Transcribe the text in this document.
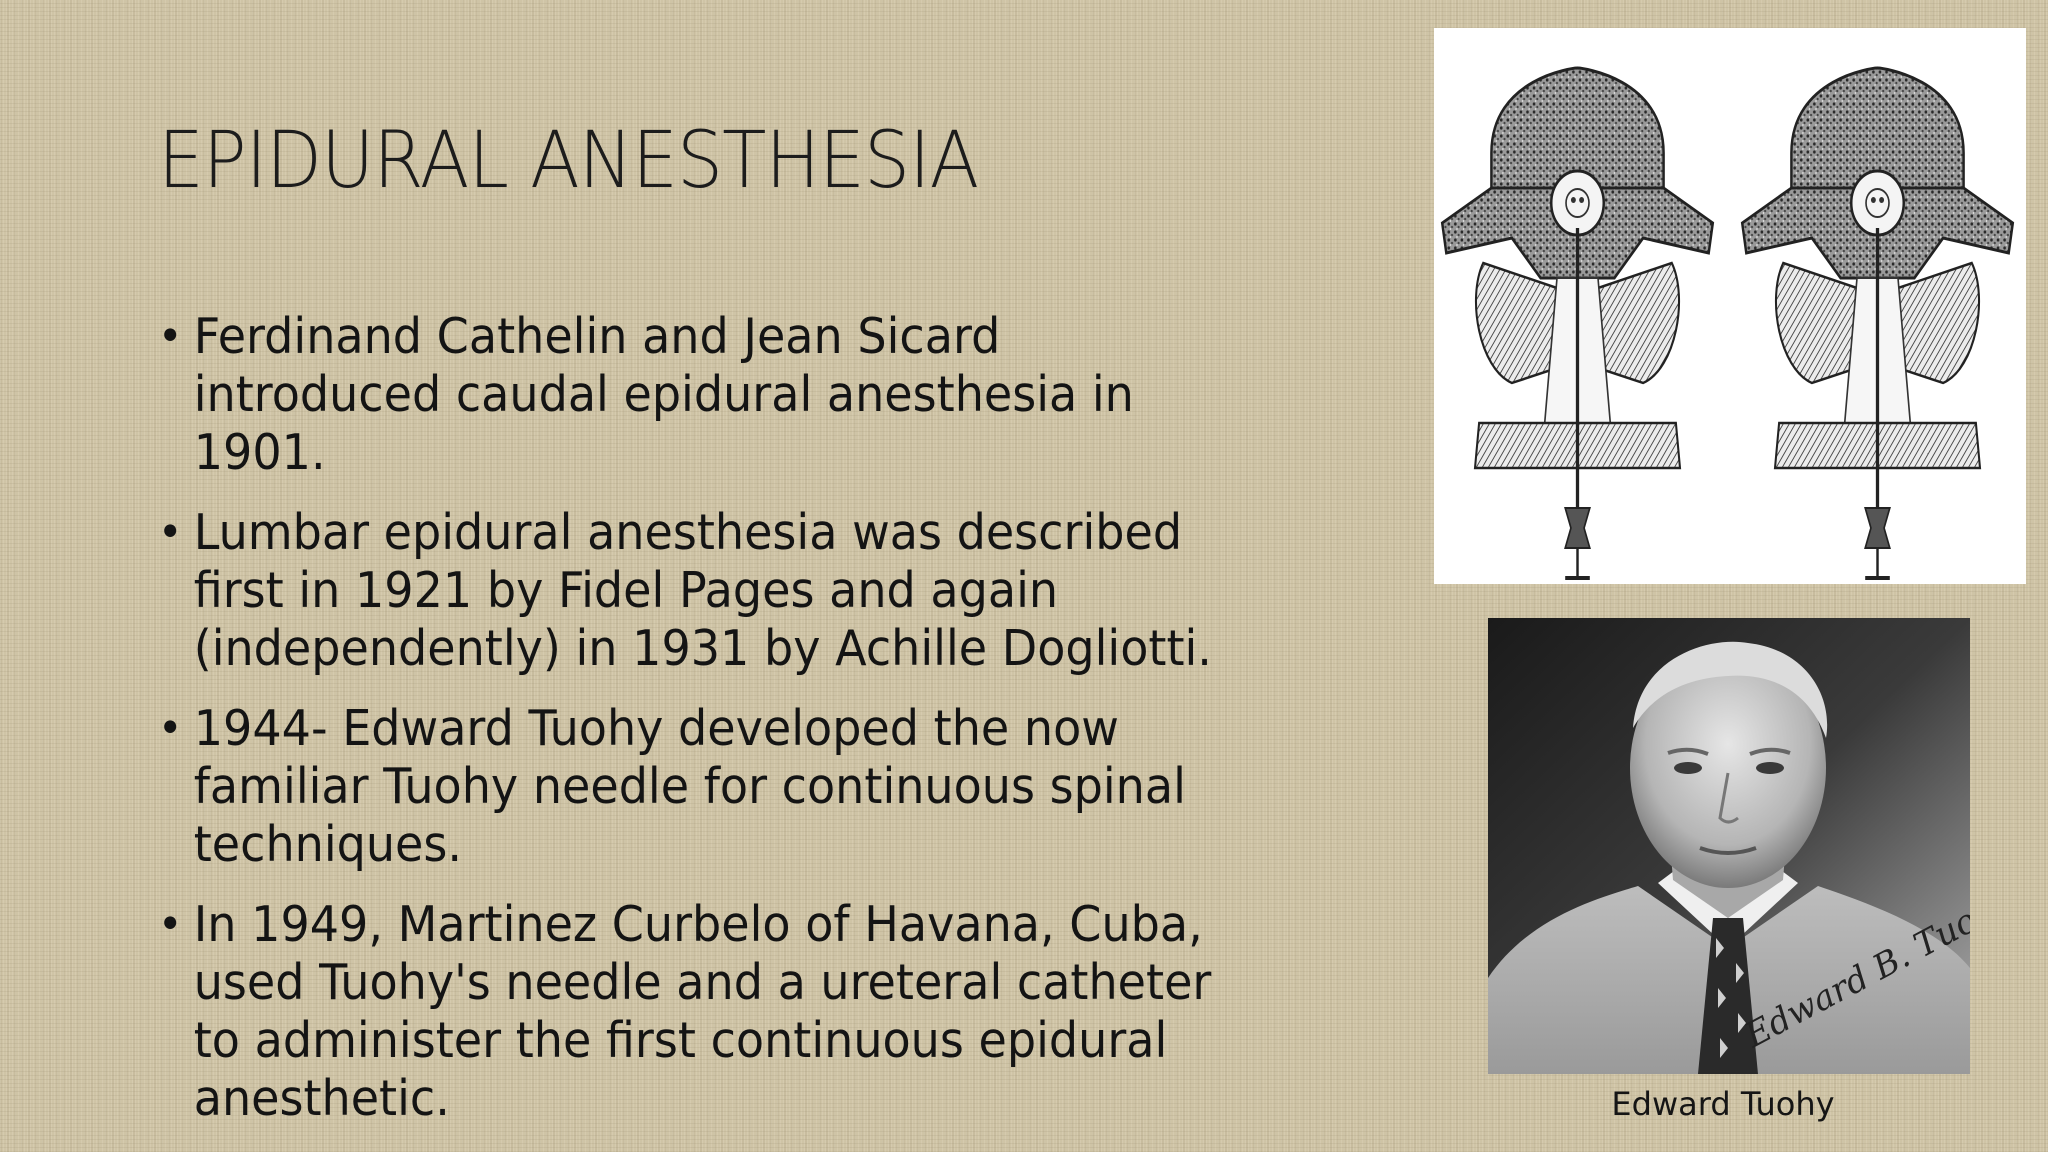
EPIDURAL ANESTHESIA
• Ferdinand Cathelin and Jean Sicard introduced caudal epidural anesthesia in 1901.
• Lumbar epidural anesthesia was described first in 1921 by Fidel Pages and again (independently) in 1931 by Achille Dogliotti.
• 1944- Edward Tuohy developed the now familiar Tuohy needle for continuous spinal techniques.
• In 1949, Martinez Curbelo of Havana, Cuba, used Tuohy's needle and a ureteral catheter to administer the first continuous epidural anesthetic.	Edward Tuohy
